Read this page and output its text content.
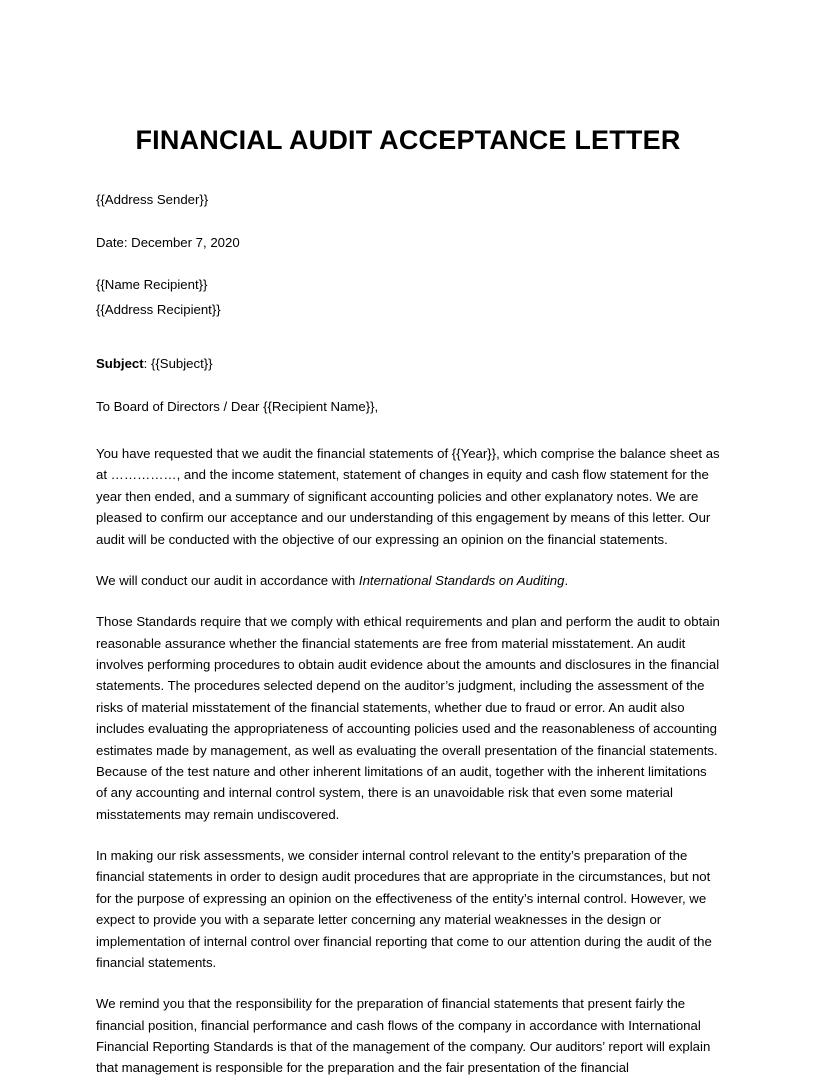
FINANCIAL AUDIT ACCEPTANCE LETTER
{{Address Sender}}
Date: December 7, 2020
{{Name Recipient}}
{{Address Recipient}}
Subject: {{Subject}}
To Board of Directors / Dear {{Recipient Name}},

You have requested that we audit the financial statements of {{Year}}, which comprise the balance sheet as at ……………, and the income statement, statement of changes in equity and cash flow statement for the year then ended, and a summary of significant accounting policies and other explanatory notes. We are pleased to confirm our acceptance and our understanding of this engagement by means of this letter. Our audit will be conducted with the objective of our expressing an opinion on the financial statements.

We will conduct our audit in accordance with International Standards on Auditing.

Those Standards require that we comply with ethical requirements and plan and perform the audit to obtain reasonable assurance whether the financial statements are free from material misstatement. An audit involves performing procedures to obtain audit evidence about the amounts and disclosures in the financial statements. The procedures selected depend on the auditor’s judgment, including the assessment of the risks of material misstatement of the financial statements, whether due to fraud or error. An audit also includes evaluating the appropriateness of accounting policies used and the reasonableness of accounting estimates made by management, as well as evaluating the overall presentation of the financial statements. Because of the test nature and other inherent limitations of an audit, together with the inherent limitations of any accounting and internal control system, there is an unavoidable risk that even some material misstatements may remain undiscovered.

In making our risk assessments, we consider internal control relevant to the entity’s preparation of the financial statements in order to design audit procedures that are appropriate in the circumstances, but not for the purpose of expressing an opinion on the effectiveness of the entity’s internal control. However, we expect to provide you with a separate letter concerning any material weaknesses in the design or implementation of internal control over financial reporting that come to our attention during the audit of the financial statements.

We remind you that the responsibility for the preparation of financial statements that present fairly the financial position, financial performance and cash flows of the company in accordance with International Financial Reporting Standards is that of the management of the company. Our auditors’ report will explain that management is responsible for the preparation and the fair presentation of the financial
